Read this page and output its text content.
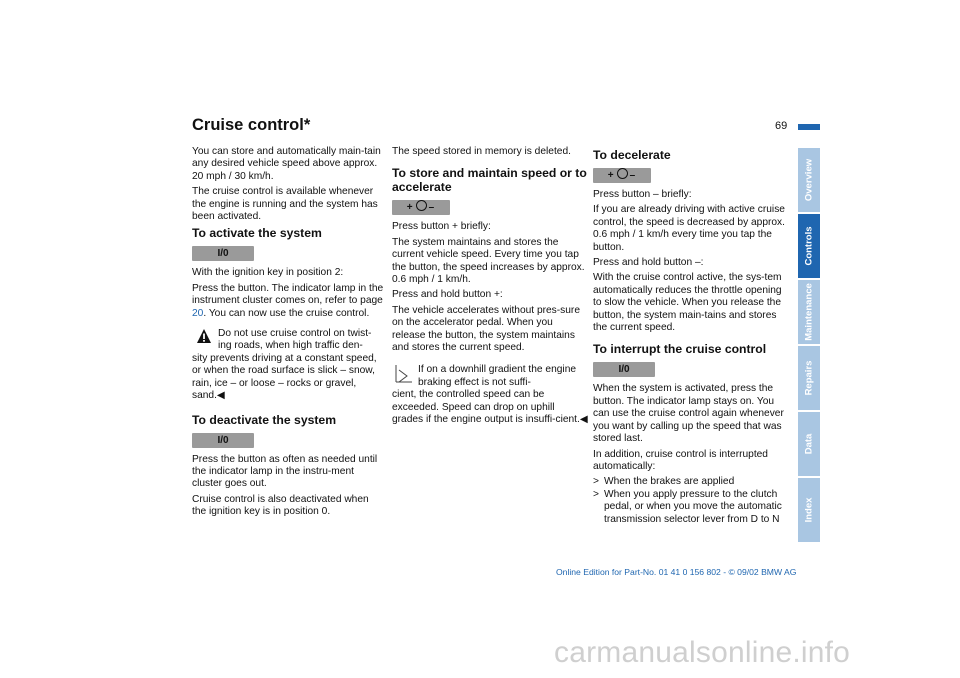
Cruise control*	69

You can store and automatically main-tain any desired vehicle speed above approx. 20 mph / 30 km/h.

The cruise control is available whenever the engine is running and the system has been activated.

To activate the system
I/0

With the ignition key in position 2:

Press the button. The indicator lamp in the instrument cluster comes on, refer to page 20. You can now use the cruise control.

Do not use cruise control on twist-ing roads, when high traffic den-
sity prevents driving at a constant speed, or when the road surface is slick – snow, rain, ice – or loose – rocks or gravel, sand.◀
To deactivate the system
I/0

Press the button as often as needed until the indicator lamp in the instru-ment cluster goes out.

Cruise control is also deactivated when the ignition key is in position 0.

The speed stored in memory is deleted.

To store and maintain speed or to accelerate
+ –

Press button + briefly:

The system maintains and stores the current vehicle speed. Every time you tap the button, the speed increases by approx. 0.6 mph / 1 km/h.

Press and hold button +:

The vehicle accelerates without pres-sure on the accelerator pedal. When you release the button, the system maintains and stores the current speed.

If on a downhill gradient the engine braking effect is not suffi-
cient, the controlled speed can be exceeded. Speed can drop on uphill grades if the engine output is insuffi-cient.◀
To decelerate
+ –

Press button – briefly:

If you are already driving with active cruise control, the speed is decreased by approx. 0.6 mph / 1 km/h every time you tap the button.

Press and hold button –:

With the cruise control active, the sys-tem automatically reduces the throttle opening to slow the vehicle. When you release the button, the system main-tains and stores the current speed.

To interrupt the cruise control
I/0

When the system is activated, press the button. The indicator lamp stays on. You can use the cruise control again whenever you want by calling up the speed that was stored last.

In addition, cruise control is interrupted automatically:

> When the brakes are applied
> When you apply pressure to the clutch pedal, or when you move the automatic transmission selector lever from D to N
Overview
Controls
Maintenance
Repairs
Data
Index
Online Edition for Part-No. 01 41 0 156 802 - © 09/02 BMW AG
carmanualsonline.info
